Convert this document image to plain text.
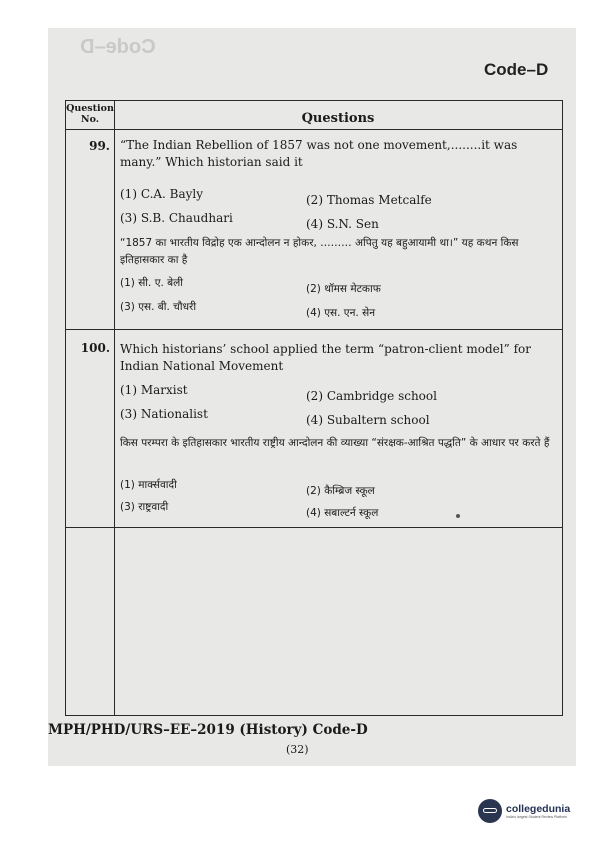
Code–D
Code–D
Question No.	Questions
99. “The Indian Rebellion of 1857 was not one movement,........it was many.” Which historian said it
(1) C.A. Bayly	(2) Thomas Metcalfe
(3) S.B. Chaudhari	(4) S.N. Sen
“1857 का भारतीय विद्रोह एक आन्दोलन न होकर, ……… अपितु यह बहुआयामी था।” यह कथन किस इतिहासकार का है
(1) सी. ए. बेली	(2) थॉमस मेटकाफ
(3) एस. बी. चौधरी	(4) एस. एन. सेन
100. Which historians’ school applied the term “patron-client model” for Indian National Movement
(1) Marxist	(2) Cambridge school
(3) Nationalist	(4) Subaltern school
किस परम्परा के इतिहासकार भारतीय राष्ट्रीय आन्दोलन की व्याख्या “संरक्षक-आश्रित पद्धति” के आधार पर करते हैं
(1) मार्क्सवादी	(2) कैम्ब्रिज स्कूल
(3) राष्ट्रवादी	(4) सबाल्टर्न स्कूल
MPH/PHD/URS–EE–2019 (History) Code-D
(32)
collegedunia
India's largest Student Review Platform
